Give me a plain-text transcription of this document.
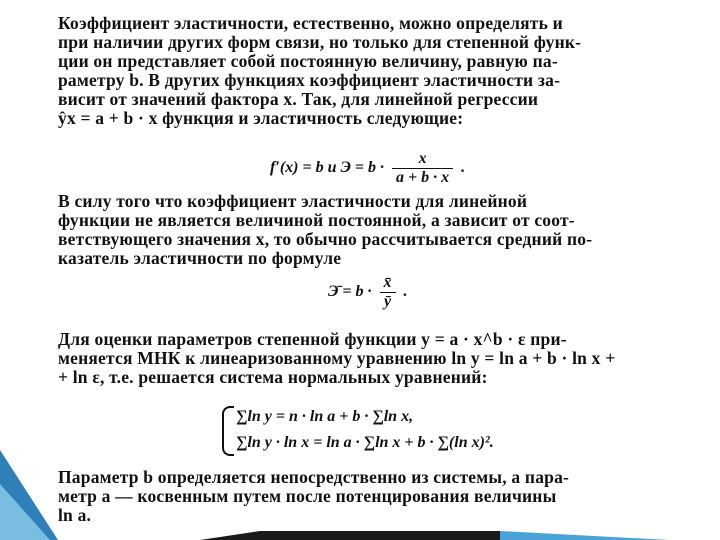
Коэффициент эластичности, естественно, можно определять и
при наличии других форм связи, но только для степенной функ-
ции он представляет собой постоянную величину, равную па-
раметру b. В других функциях коэффициент эластичности за-
висит от значений фактора x. Так, для линейной регрессии
ŷx = a + b · x функция и эластичность следующие:
f′(x) = b и $Э = b \cdot \frac{x}{a + b \cdot x}$ .
В силу того что коэффициент эластичности для линейной
функции не является величиной постоянной, а зависит от соот-
ветствующего значения x, то обычно рассчитывается средний по-
казатель эластичности по формуле
Э̄ = $b \cdot \frac{x̄}{ȳ}$ .
Для оценки параметров степенной функции y = a · x^b · ε при-
меняется МНК к линеаризованному уравнению ln y = ln a + b · ln x +
+ ln ε, т.е. решается система нормальных уравнений:
∑ln y = n · ln a + b · ∑ln x,
∑ln y · ln x = ln a · ∑ln x + b · ∑(ln x)².
Параметр b определяется непосредственно из системы, а пара-
метр a — косвенным путем после потенцирования величины
ln a.
